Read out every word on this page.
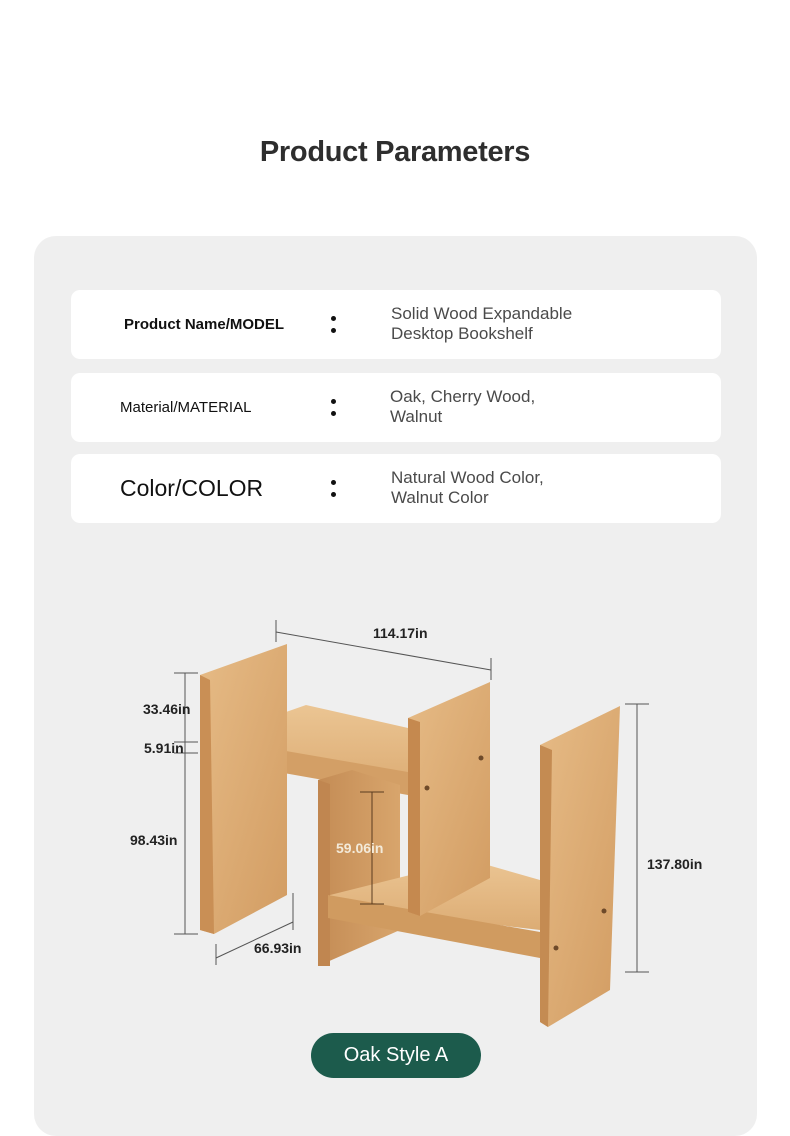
Product Parameters
Product Name/MODEL
Solid Wood Expandable
Desktop Bookshelf
Material/MATERIAL
Oak, Cherry Wood,
Walnut
Color/COLOR	Natural Wood Color,
Walnut Color
114.17in
33.46in
5.91in
98.43in	59.06in
66.93in
137.80in
Oak Style A
